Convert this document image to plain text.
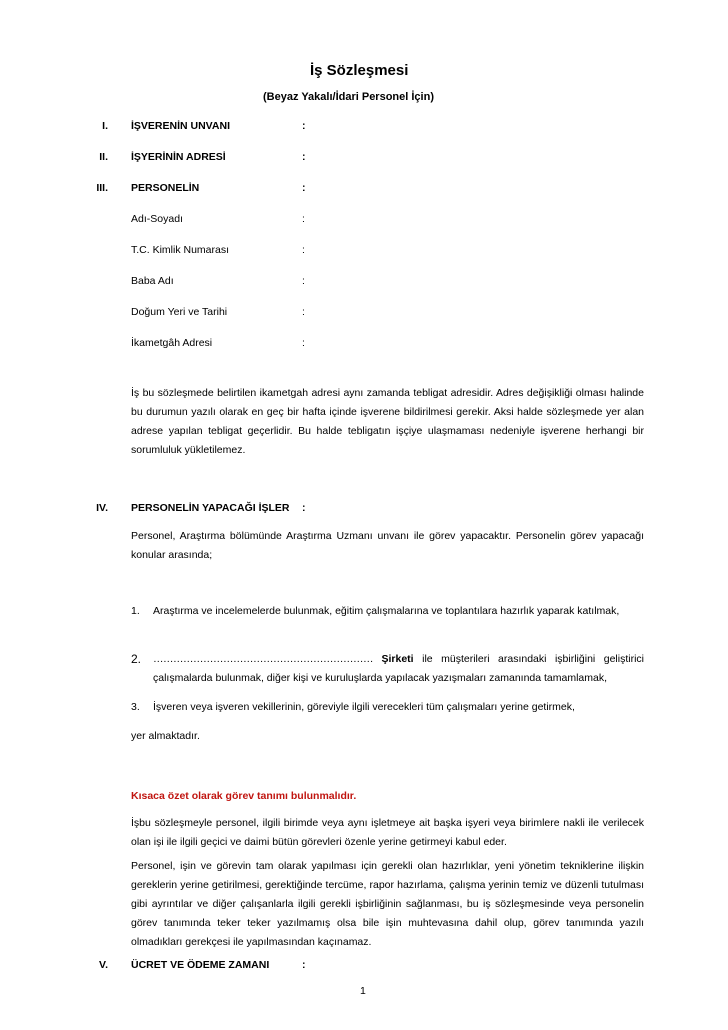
İş Sözleşmesi
(Beyaz Yakalı/İdari Personel İçin)
I. İŞVERENİN UNVANI	:
II. İŞYERİNİN ADRESİ	:
III. PERSONELİN	:
Adı-Soyadı	:
T.C. Kimlik Numarası	:
Baba Adı	:
Doğum Yeri ve Tarihi	:
İkametgâh Adresi	:
İş bu sözleşmede belirtilen ikametgah adresi aynı zamanda tebligat adresidir. Adres değişikliği olması halinde bu durumun yazılı olarak en geç bir hafta içinde işverene bildirilmesi gerekir. Aksi halde sözleşmede yer alan adrese yapılan tebligat geçerlidir. Bu halde tebligatın işçiye ulaşmaması nedeniyle işverene herhangi bir sorumluluk yükletilemez.
IV. PERSONELİN YAPACAĞI İŞLER :
Personel, Araştırma bölümünde Araştırma Uzmanı unvanı ile görev yapacaktır. Personelin görev yapacağı konular arasında;
1. Araştırma ve incelemelerde bulunmak, eğitim çalışmalarına ve toplantılara hazırlık yaparak katılmak,
2. ………………………………………………………… Şirketi ile müşterileri arasındaki işbirliğini geliştirici çalışmalarda bulunmak, diğer kişi ve kuruluşlarda yapılacak yazışmaları zamanında tamamlamak,
3. İşveren veya işveren vekillerinin, göreviyle ilgili verecekleri tüm çalışmaları yerine getirmek,
yer almaktadır.
Kısaca özet olarak görev tanımı bulunmalıdır.
İşbu sözleşmeyle personel, ilgili birimde veya aynı işletmeye ait başka işyeri veya birimlere nakli ile verilecek olan işi ile ilgili geçici ve daimi bütün görevleri özenle yerine getirmeyi kabul eder.
Personel, işin ve görevin tam olarak yapılması için gerekli olan hazırlıklar, yeni yönetim tekniklerine ilişkin gereklerin yerine getirilmesi, gerektiğinde tercüme, rapor hazırlama, çalışma yerinin temiz ve düzenli tutulması gibi ayrıntılar ve diğer çalışanlarla ilgili gerekli işbirliğinin sağlanması, bu iş sözleşmesinde veya personelin görev tanımında teker teker yazılmamış olsa bile işin muhtevasına dahil olup, görev tanımında yazılı olmadıkları gerekçesi ile yapılmasından kaçınamaz.
V. ÜCRET VE ÖDEME ZAMANI	:
1
